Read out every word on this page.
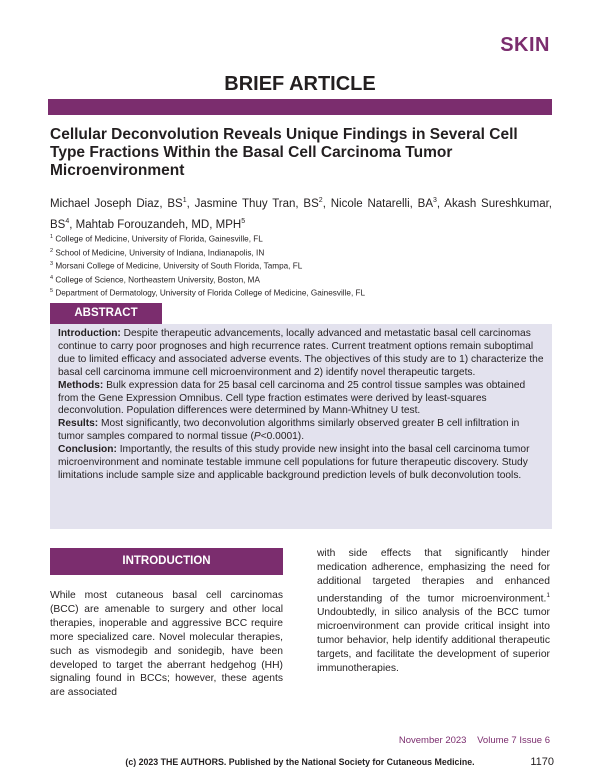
SKIN
BRIEF ARTICLE
Cellular Deconvolution Reveals Unique Findings in Several Cell Type Fractions Within the Basal Cell Carcinoma Tumor Microenvironment
Michael Joseph Diaz, $BS^1$, Jasmine Thuy Tran, $BS^2$, Nicole Natarelli, $BA^3$, Akash Sureshkumar, $BS^4$, Mahtab Forouzandeh, MD, MPH$^5$
$^1$ College of Medicine, University of Florida, Gainesville, FL
$^2$ School of Medicine, University of Indiana, Indianapolis, IN
$^3$ Morsani College of Medicine, University of South Florida, Tampa, FL
$^4$ College of Science, Northeastern University, Boston, MA
$^5$ Department of Dermatology, University of Florida College of Medicine, Gainesville, FL
ABSTRACT

Introduction: Despite therapeutic advancements, locally advanced and metastatic basal cell carcinomas continue to carry poor prognoses and high recurrence rates. Current treatment options remain suboptimal due to limited efficacy and associated adverse events. The objectives of this study are to 1) characterize the basal cell carcinoma immune cell microenvironment and 2) identify novel therapeutic targets.

Methods: Bulk expression data for 25 basal cell carcinoma and 25 control tissue samples was obtained from the Gene Expression Omnibus. Cell type fraction estimates were derived by least-squares deconvolution. Population differences were determined by Mann-Whitney U test.

Results: Most significantly, two deconvolution algorithms similarly observed greater B cell infiltration in tumor samples compared to normal tissue (P<0.0001).

Conclusion: Importantly, the results of this study provide new insight into the basal cell carcinoma tumor microenvironment and nominate testable immune cell populations for future therapeutic discovery. Study limitations include sample size and applicable background prediction levels of bulk deconvolution tools.

INTRODUCTION

While most cutaneous basal cell carcinomas (BCC) are amenable to surgery and other local therapies, inoperable and aggressive BCC require more specialized care. Novel molecular therapies, such as vismodegib and sonidegib, have been developed to target the aberrant hedgehog (HH) signaling found in BCCs; however, these agents are associated

with side effects that significantly hinder medication adherence, emphasizing the need for additional targeted therapies and enhanced understanding of the tumor microenvironment.$^1$ Undoubtedly, in silico analysis of the BCC tumor microenvironment can provide critical insight into tumor behavior, help identify additional therapeutic targets, and facilitate the development of superior immunotherapies.

November 2023 Volume 7 Issue 6
(c) 2023 THE AUTHORS. Published by the National Society for Cutaneous Medicine.	1170
